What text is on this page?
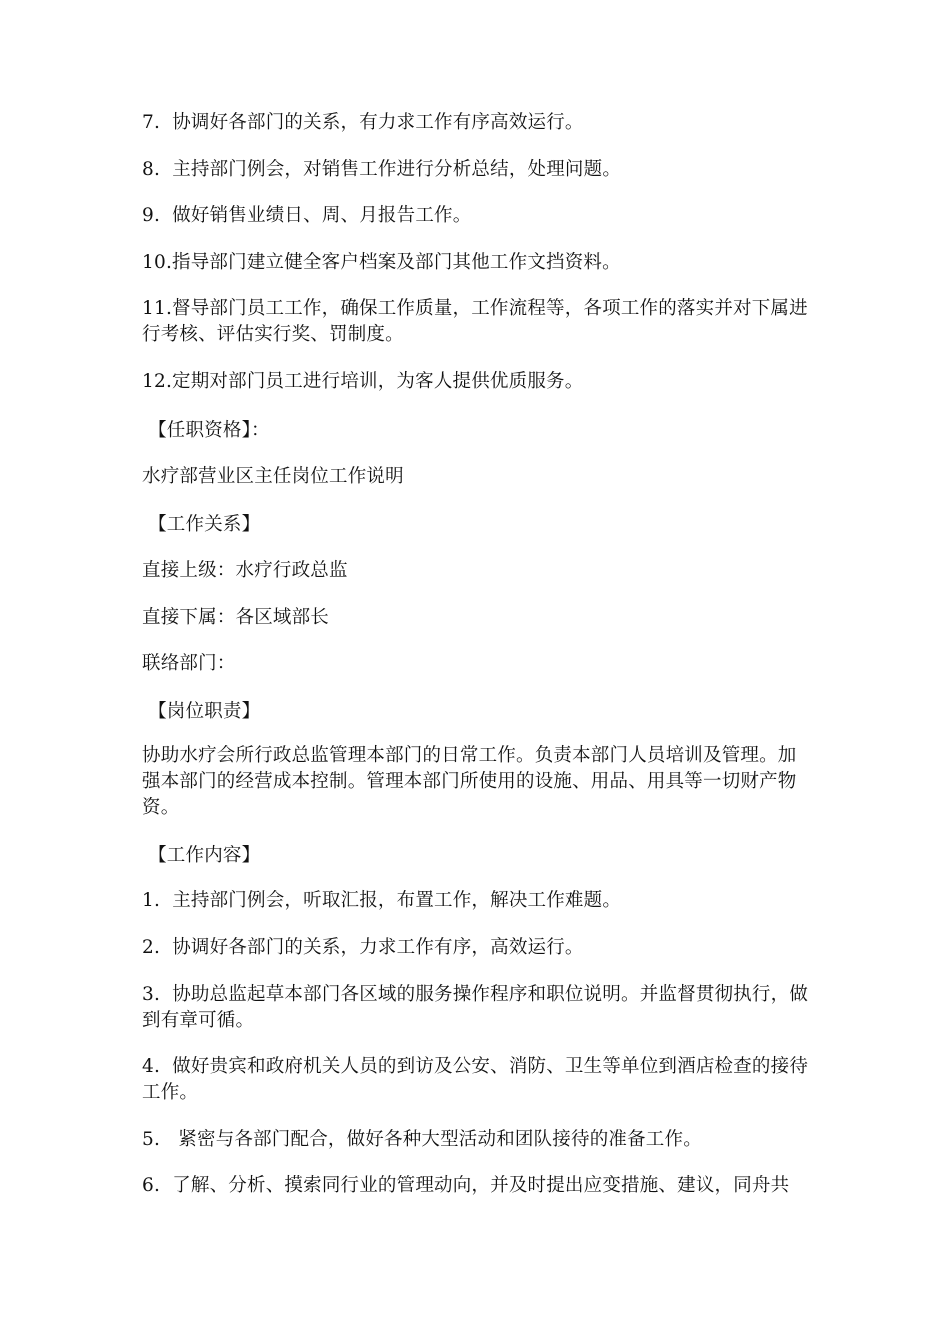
7.  协调好各部门的关系，有力求工作有序高效运行。
8.  主持部门例会，对销售工作进行分析总结，处理问题。
9.  做好销售业绩日、周、月报告工作。
10.指导部门建立健全客户档案及部门其他工作文挡资料。
11.督导部门员工工作，确保工作质量，工作流程等，各项工作的落实并对下属进行考核、评估实行奖、罚制度。
12.定期对部门员工进行培训，为客人提供优质服务。
【任职资格】：
水疗部营业区主任岗位工作说明
【工作关系】
直接上级：水疗行政总监
直接下属：各区域部长
联络部门：
【岗位职责】
协助水疗会所行政总监管理本部门的日常工作。负责本部门人员培训及管理。加强本部门的经营成本控制。管理本部门所使用的设施、用品、用具等一切财产物资。
【工作内容】
1.  主持部门例会，听取汇报，布置工作，解决工作难题。
2.  协调好各部门的关系，力求工作有序，高效运行。
3.  协助总监起草本部门各区域的服务操作程序和职位说明。并监督贯彻执行，做到有章可循。
4.  做好贵宾和政府机关人员的到访及公安、消防、卫生等单位到酒店检查的接待工作。
5.   紧密与各部门配合，做好各种大型活动和团队接待的准备工作。
6.  了解、分析、摸索同行业的管理动向，并及时提出应变措施、建议，同舟共
